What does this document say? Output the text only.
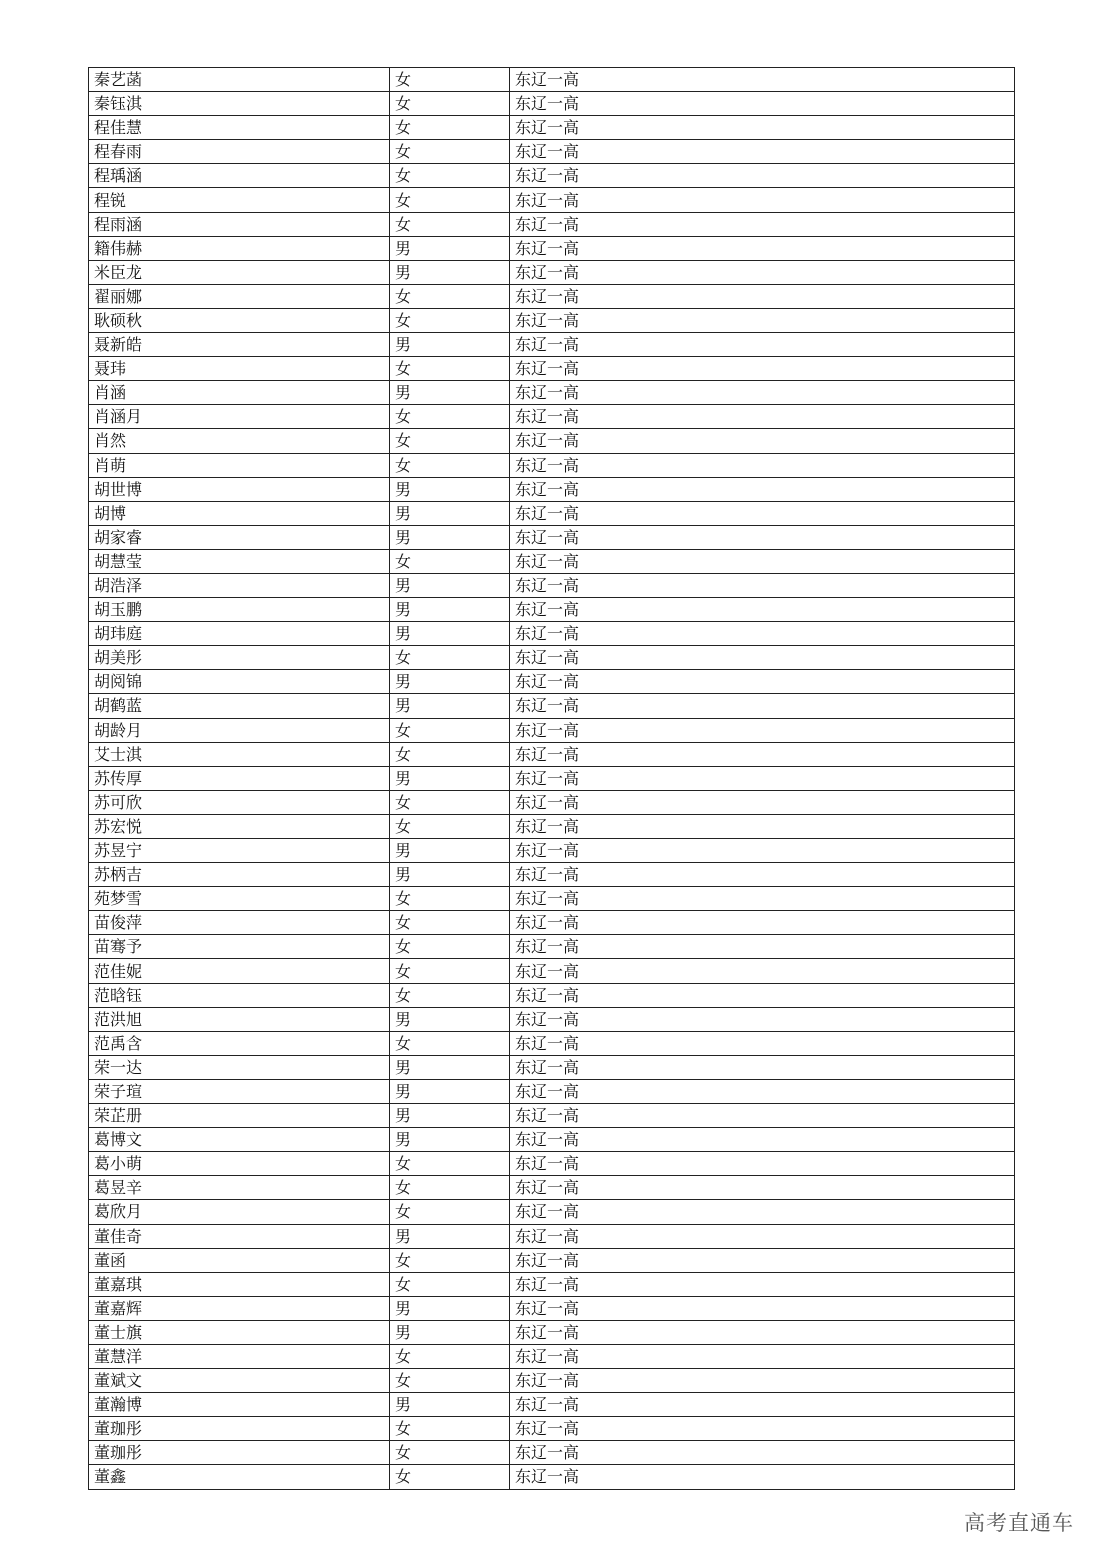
秦艺菡	女	东辽一高
秦钰淇	女	东辽一高
程佳慧	女	东辽一高
程春雨	女	东辽一高
程瑀涵	女	东辽一高
程锐	女	东辽一高
程雨涵	女	东辽一高
籍伟赫	男	东辽一高
米臣龙	男	东辽一高
翟丽娜	女	东辽一高
耿硕秋	女	东辽一高
聂新皓	男	东辽一高
聂玮	女	东辽一高
肖涵	男	东辽一高
肖涵月	女	东辽一高
肖然	女	东辽一高
肖萌	女	东辽一高
胡世博	男	东辽一高
胡博	男	东辽一高
胡家睿	男	东辽一高
胡慧莹	女	东辽一高
胡浩泽	男	东辽一高
胡玉鹏	男	东辽一高
胡玮庭	男	东辽一高
胡美彤	女	东辽一高
胡阅锦	男	东辽一高
胡鹤蓝	男	东辽一高
胡龄月	女	东辽一高
艾士淇	女	东辽一高
苏传厚	男	东辽一高
苏可欣	女	东辽一高
苏宏悦	女	东辽一高
苏昱宁	男	东辽一高
苏柄吉	男	东辽一高
苑梦雪	女	东辽一高
苗俊萍	女	东辽一高
苗骞予	女	东辽一高
范佳妮	女	东辽一高
范晗钰	女	东辽一高
范洪旭	男	东辽一高
范禹含	女	东辽一高
荣一达	男	东辽一高
荣子瑄	男	东辽一高
荣芷册	男	东辽一高
葛博文	男	东辽一高
葛小萌	女	东辽一高
葛昱辛	女	东辽一高
葛欣月	女	东辽一高
董佳奇	男	东辽一高
董函	女	东辽一高
董嘉琪	女	东辽一高
董嘉辉	男	东辽一高
董士旗	男	东辽一高
董慧洋	女	东辽一高
董斌文	女	东辽一高
董瀚博	男	东辽一高
董珈彤	女	东辽一高
董珈彤	女	东辽一高
董鑫	女	东辽一高
高考直通车
